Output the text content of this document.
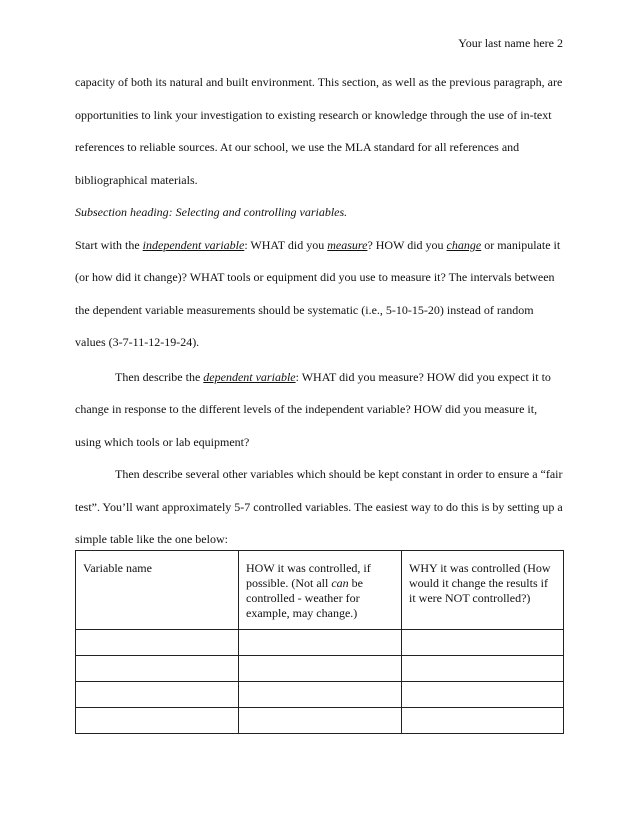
Your last name here 2

capacity of both its natural and built environment. This section, as well as the previous paragraph, are opportunities to link your investigation to existing research or knowledge through the use of in-text references to reliable sources. At our school, we use the MLA standard for all references and bibliographical materials.

Subsection heading: Selecting and controlling variables.

Start with the independent variable: WHAT did you measure? HOW did you change or manipulate it (or how did it change)? WHAT tools or equipment did you use to measure it? The intervals between the dependent variable measurements should be systematic (i.e., 5-10-15-20) instead of random values (3-7-11-12-19-24).

Then describe the dependent variable: WHAT did you measure? HOW did you expect it to change in response to the different levels of the independent variable? HOW did you measure it, using which tools or lab equipment?

Then describe several other variables which should be kept constant in order to ensure a “fair test”. You’ll want approximately 5-7 controlled variables. The easiest way to do this is by setting up a simple table like the one below:

Variable name	HOW it was controlled, if possible. (Not all can be controlled - weather for example, may change.)	WHY it was controlled (How would it change the results if it were NOT controlled?)
